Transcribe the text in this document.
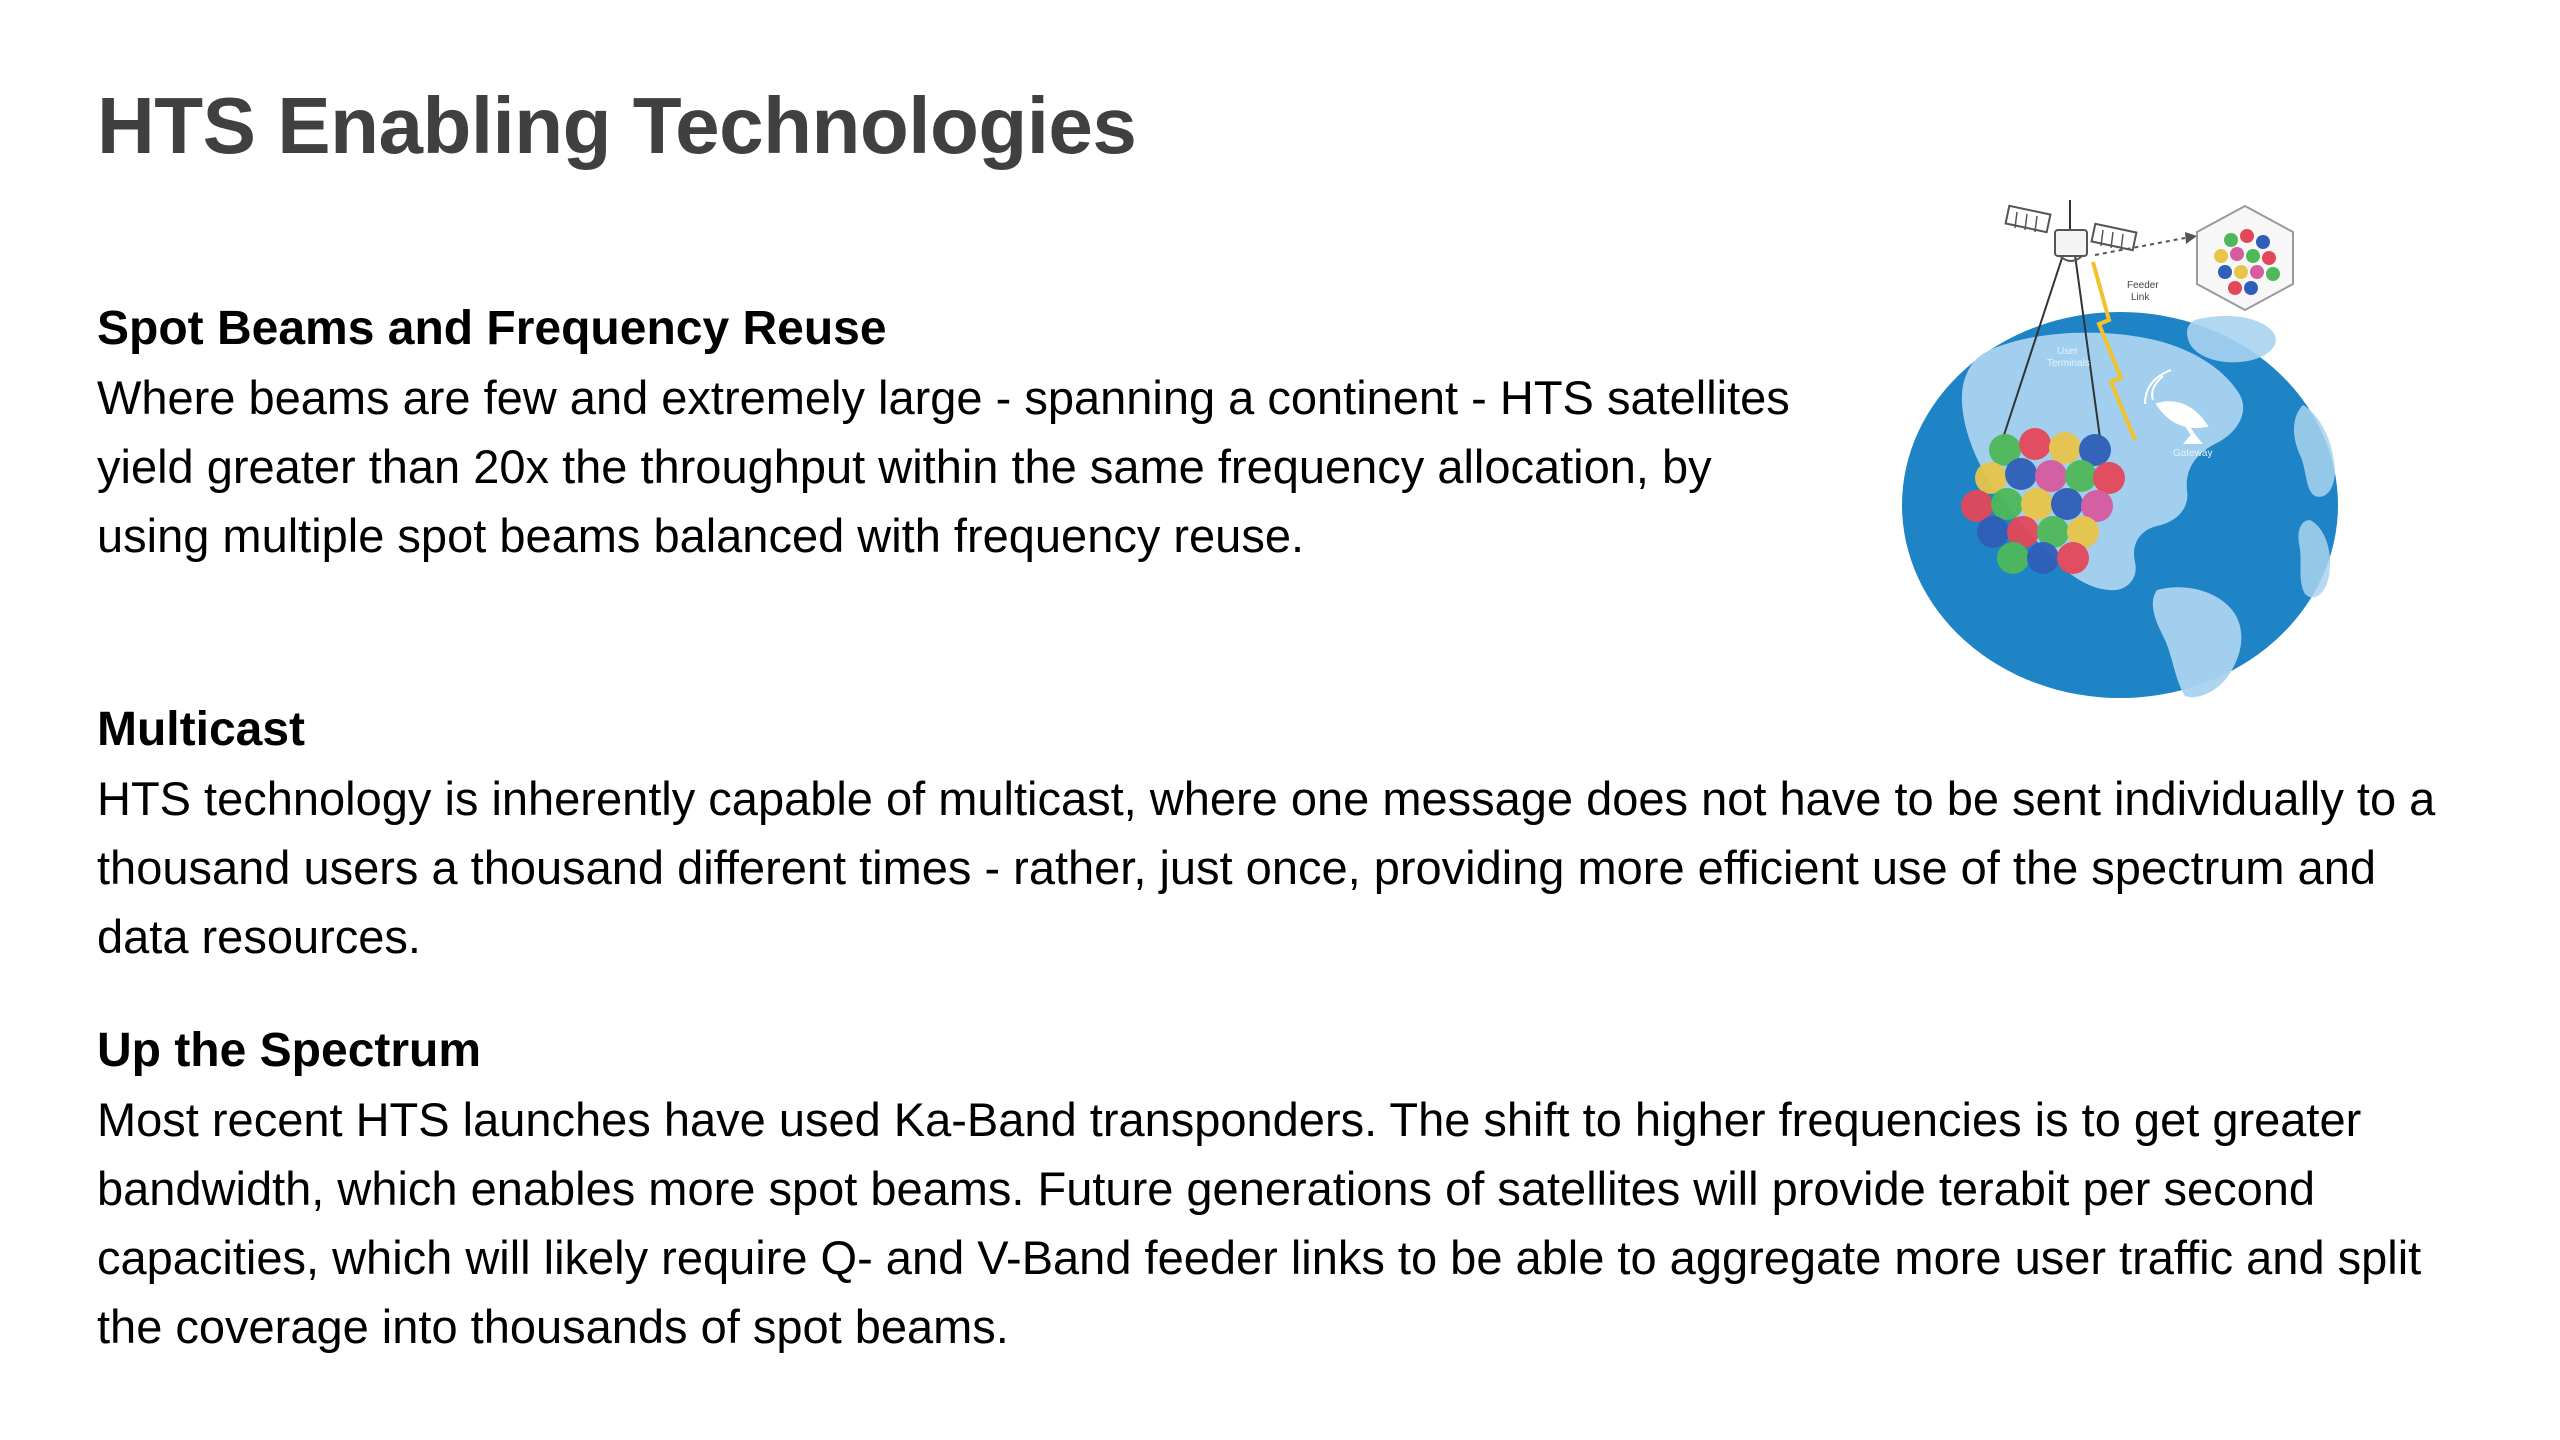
HTS Enabling Technologies
Spot Beams and Frequency Reuse

Where beams are few and extremely large - spanning a continent - HTS satellites yield greater than 20x the throughput within the same frequency allocation, by using multiple spot beams balanced with frequency reuse.

Multicast

HTS technology is inherently capable of multicast, where one message does not have to be sent individually to a thousand users a thousand different times - rather, just once, providing more efficient use of the spectrum and data resources.

Up the Spectrum

Most recent HTS launches have used Ka-Band transponders. The shift to higher frequencies is to get greater bandwidth, which enables more spot beams. Future generations of satellites will provide terabit per second capacities, which will likely require Q- and V-Band feeder links to be able to aggregate more user traffic and split the coverage into thousands of spot beams.

Feeder
Link
User
Terminals
Gateway
